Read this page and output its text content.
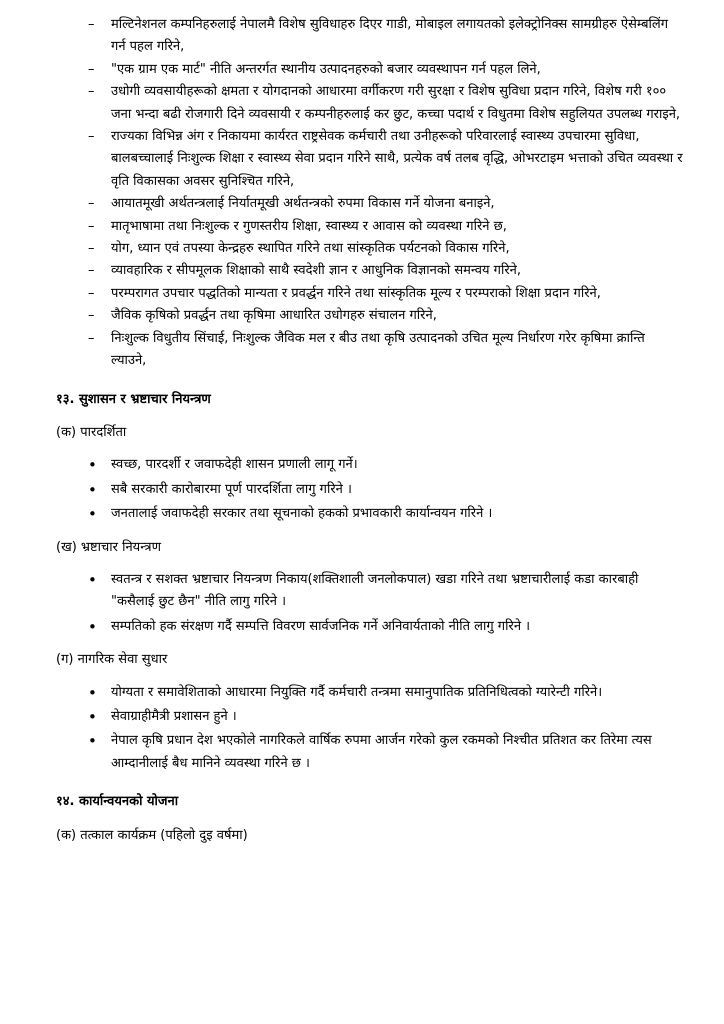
– मल्टिनेशनल कम्पनिहरुलाई नेपालमै विशेष सुविधाहरु दिएर गाडी, मोबाइल लगायतको इलेक्ट्रोनिक्स सामग्रीहरु ऐसेम्बलिंग गर्न पहल गरिने,
– "एक ग्राम एक मार्ट" नीति अन्तरर्गत स्थानीय उत्पादनहरुको बजार व्यवस्थापन गर्न पहल लिने,
– उधोगी व्यवसायीहरूको क्षमता र योगदानको आधारमा वर्गीकरण गरी सुरक्षा र विशेष सुविधा प्रदान गरिने, विशेष गरी १०० जना भन्दा बढी रोजगारी दिने व्यवसायी र कम्पनीहरुलाई कर छुट, कच्चा पदार्थ र विधुतमा विशेष सहुलियत उपलब्ध गराइने,
– राज्यका विभिन्न अंग र निकायमा कार्यरत राष्ट्रसेवक कर्मचारी तथा उनीहरूको परिवारलाई स्वास्थ्य उपचारमा सुविधा, बालबच्चालाई निःशुल्क शिक्षा र स्वास्थ्य सेवा प्रदान गरिने साथै, प्रत्येक वर्ष तलब वृद्धि, ओभरटाइम भत्ताको उचित व्यवस्था र वृति विकासका अवसर सुनिश्चित गरिने,
– आयातमूखी अर्थतन्त्रलाई निर्यातमूखी अर्थतन्त्रको रुपमा विकास गर्ने योजना बनाइने,
– मातृभाषामा तथा निःशुल्क र गुणस्तरीय शिक्षा, स्वास्थ्य र आवास को व्यवस्था गरिने छ,
– योग, ध्यान एवं तपस्या केन्द्रहरु स्थापित गरिने तथा सांस्कृतिक पर्यटनको विकास गरिने,
– व्यावहारिक र सीपमूलक शिक्षाको साथै स्वदेशी ज्ञान र आधुनिक विज्ञानको समन्वय गरिने,
– परम्परागत उपचार पद्धतिको मान्यता र प्रवर्द्धन गरिने तथा सांस्कृतिक मूल्य र परम्पराको शिक्षा प्रदान गरिने,
– जैविक कृषिको प्रवर्द्धन तथा कृषिमा आधारित उधोगहरु संचालन गरिने,
– निःशुल्क विधुतीय सिंचाई, निःशुल्क जैविक मल र बीउ तथा कृषि उत्पादनको उचित मूल्य निर्धारण गरेर कृषिमा क्रान्ति ल्याउने,
१३. सुशासन र भ्रष्टाचार नियन्त्रण
(क) पारदर्शिता
• स्वच्छ, पारदर्शी र जवाफदेही शासन प्रणाली लागू गर्ने।
• सबै सरकारी कारोबारमा पूर्ण पारदर्शिता लागु गरिने ।
• जनतालाई जवाफदेही सरकार तथा सूचनाको हकको प्रभावकारी कार्यान्वयन गरिने ।
(ख) भ्रष्टाचार नियन्त्रण
• स्वतन्त्र र सशक्त भ्रष्टाचार नियन्त्रण निकाय(शक्तिशाली जनलोकपाल) खडा गरिने तथा भ्रष्टाचारीलाई कडा कारबाही "कसैलाई छुट छैन" नीति लागु गरिने ।
• सम्पतिको हक संरक्षण गर्दै सम्पत्ति विवरण सार्वजनिक गर्ने अनिवार्यताको नीति लागु गरिने ।
(ग) नागरिक सेवा सुधार
• योग्यता र समावेशिताको आधारमा नियुक्ति गर्दै कर्मचारी तन्त्रमा समानुपातिक प्रतिनिधित्वको ग्यारेन्टी गरिने।
• सेवाग्राहीमैत्री प्रशासन हुने ।
• नेपाल कृषि प्रधान देश भएकोले नागरिकले वार्षिक रुपमा आर्जन गरेको कुल रकमको निश्चीत प्रतिशत कर तिरेमा त्यस आम्दानीलाई बैध मानिने व्यवस्था गरिने छ ।
१४. कार्यान्वयनको योजना
(क) तत्काल कार्यक्रम (पहिलो दुइ वर्षमा)
